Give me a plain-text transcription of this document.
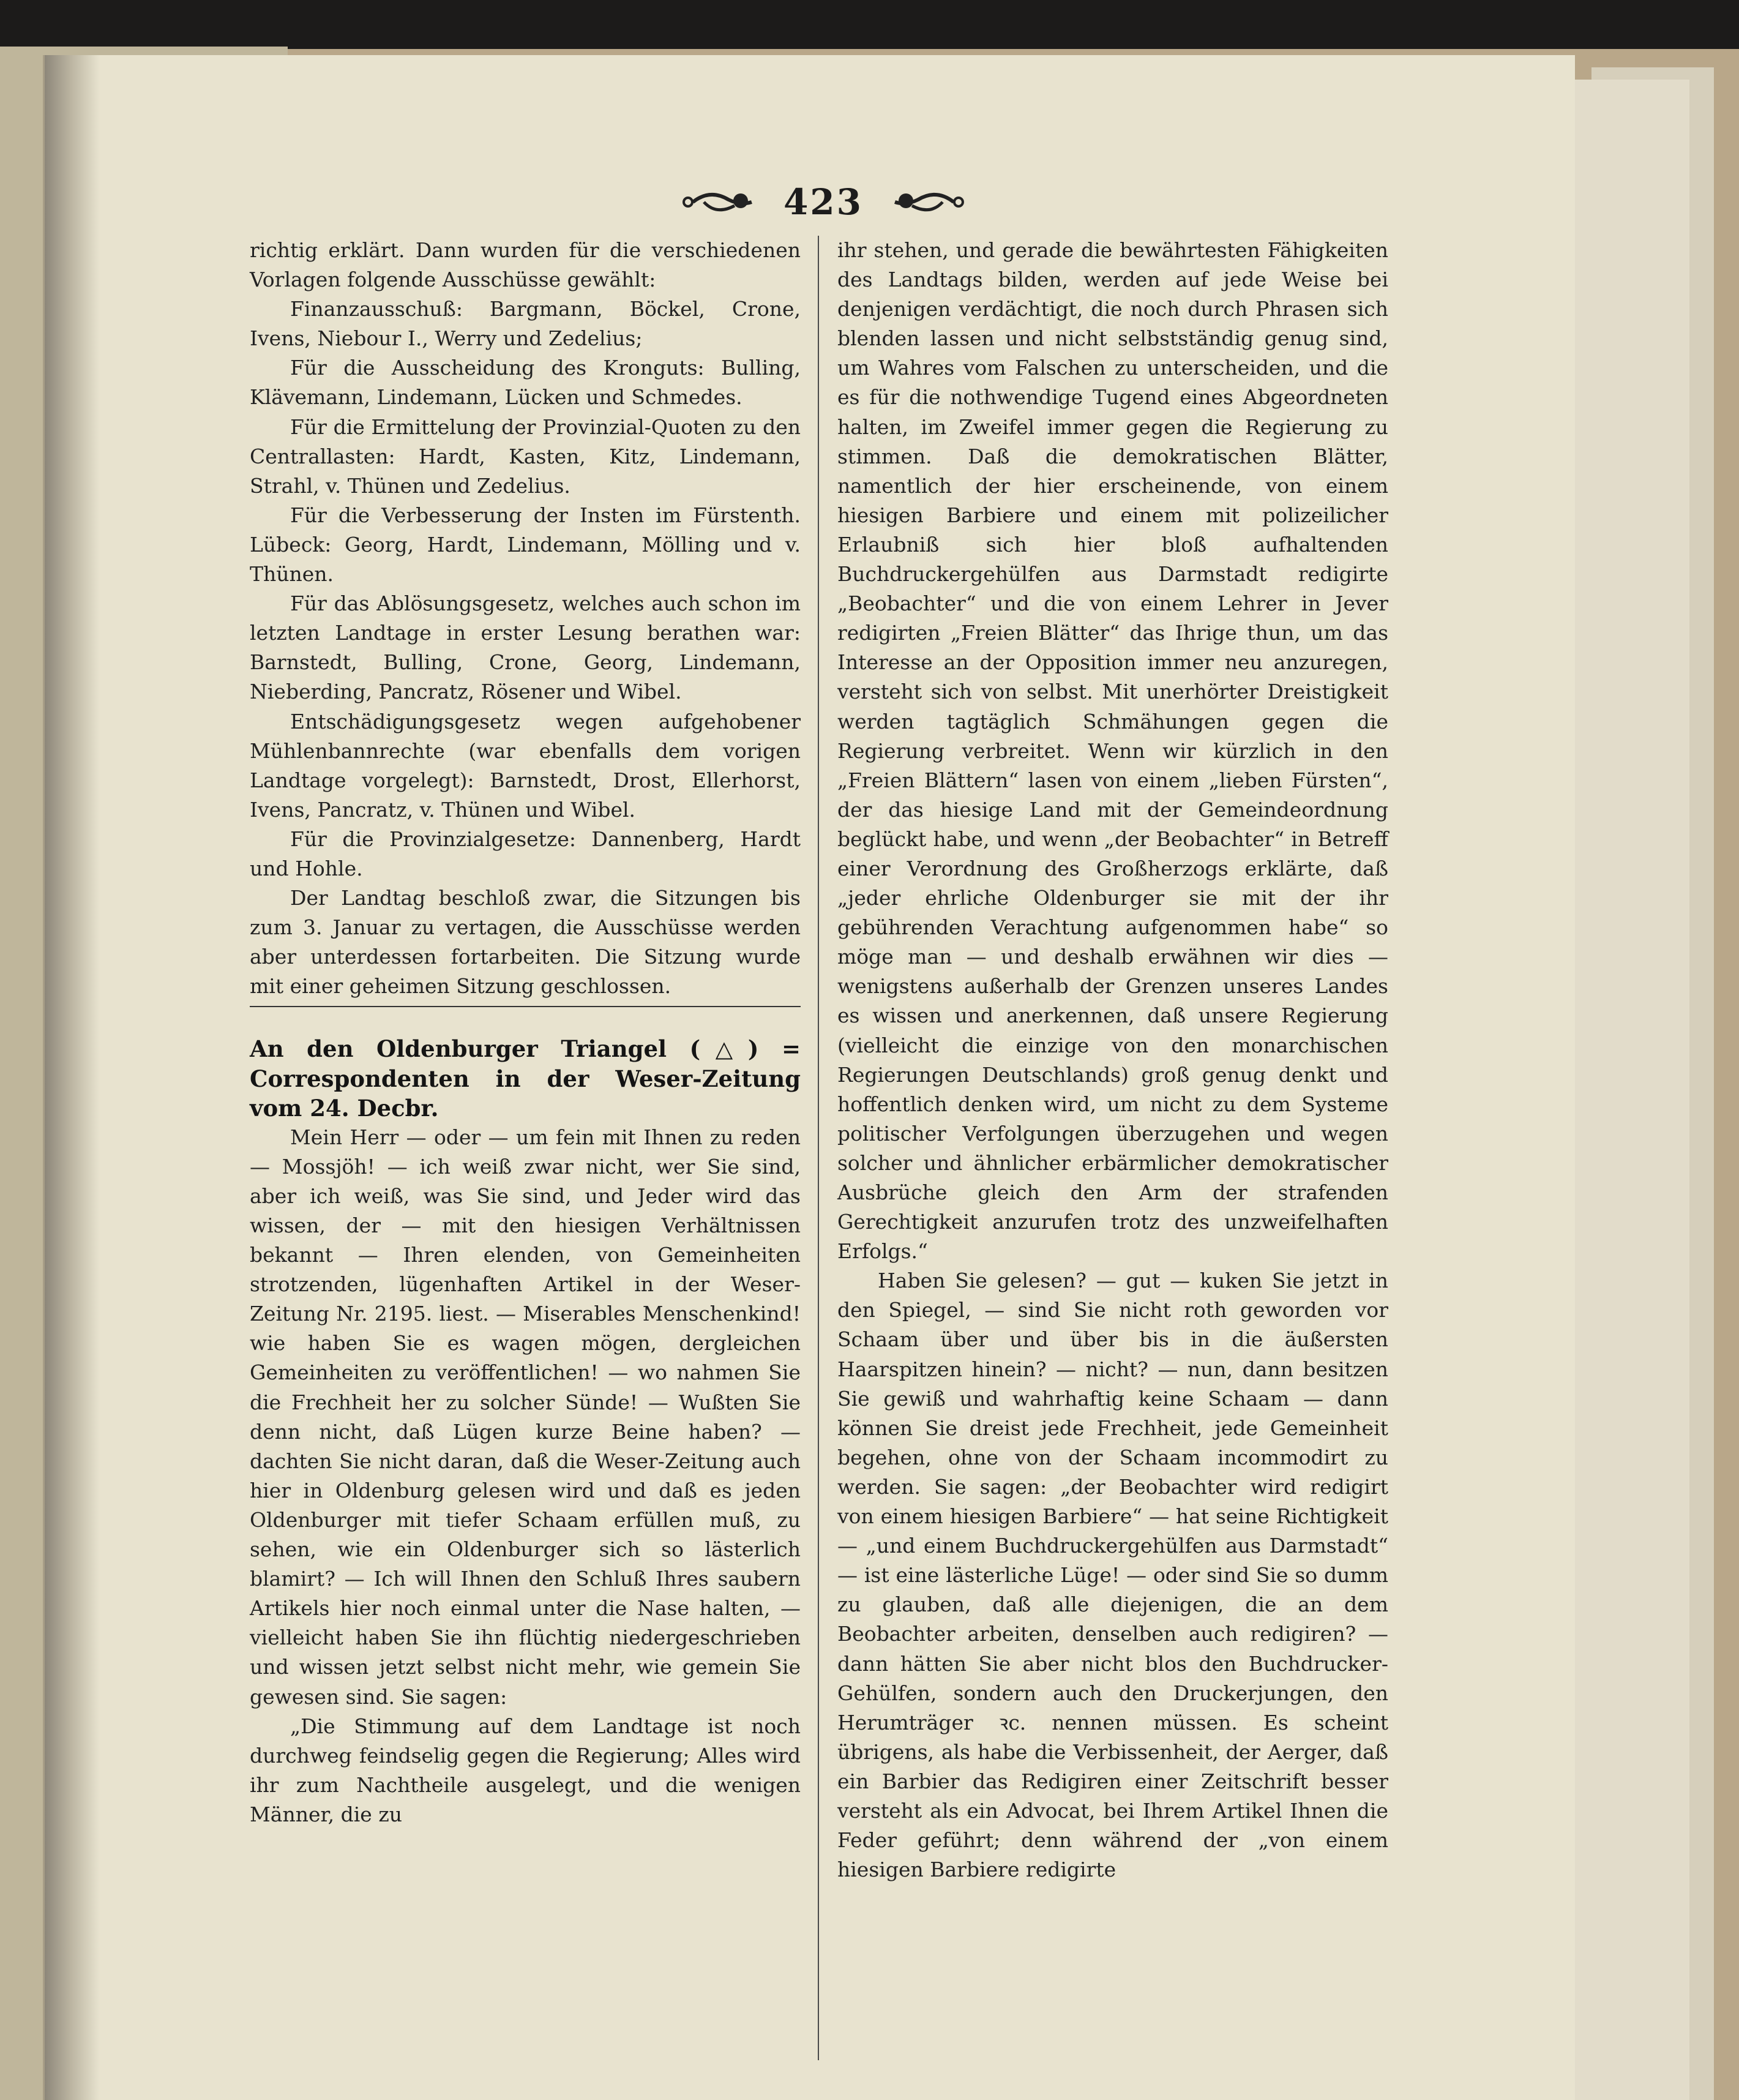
423

richtig erklärt. Dann wurden für die verschiedenen Vorlagen folgende Ausschüsse gewählt:

Finanzausschuß: Bargmann, Böckel, Crone, Ivens, Niebour I., Werry und Zedelius;

Für die Ausscheidung des Kronguts: Bulling, Klävemann, Lindemann, Lücken und Schmedes.

Für die Ermittelung der Provinzial-Quoten zu den Centrallasten: Hardt, Kasten, Kitz, Lindemann, Strahl, v. Thünen und Zedelius.

Für die Verbesserung der Insten im Fürstenth. Lübeck: Georg, Hardt, Lindemann, Mölling und v. Thünen.

Für das Ablösungsgesetz, welches auch schon im letzten Landtage in erster Lesung berathen war: Barnstedt, Bulling, Crone, Georg, Lindemann, Nieberding, Pancratz, Rösener und Wibel.

Entschädigungsgesetz wegen aufgehobener Mühlenbannrechte (war ebenfalls dem vorigen Landtage vorgelegt): Barnstedt, Drost, Ellerhorst, Ivens, Pancratz, v. Thünen und Wibel.

Für die Provinzialgesetze: Dannenberg, Hardt und Hohle.

Der Landtag beschloß zwar, die Sitzungen bis zum 3. Januar zu vertagen, die Ausschüsse werden aber unterdessen fortarbeiten. Die Sitzung wurde mit einer geheimen Sitzung geschlossen.

An den Oldenburger Triangel (△) = Correspondenten in der Weser-Zeitung vom 24. Decbr.

Mein Herr — oder — um fein mit Ihnen zu reden — Mossjöh! — ich weiß zwar nicht, wer Sie sind, aber ich weiß, was Sie sind, und Jeder wird das wissen, der — mit den hiesigen Verhältnissen bekannt — Ihren elenden, von Gemeinheiten strotzenden, lügenhaften Artikel in der Weser-Zeitung Nr. 2195. liest. — Miserables Menschenkind! wie haben Sie es wagen mögen, dergleichen Gemeinheiten zu veröffentlichen! — wo nahmen Sie die Frechheit her zu solcher Sünde! — Wußten Sie denn nicht, daß Lügen kurze Beine haben? — dachten Sie nicht daran, daß die Weser-Zeitung auch hier in Oldenburg gelesen wird und daß es jeden Oldenburger mit tiefer Schaam erfüllen muß, zu sehen, wie ein Oldenburger sich so lästerlich blamirt? — Ich will Ihnen den Schluß Ihres saubern Artikels hier noch einmal unter die Nase halten, — vielleicht haben Sie ihn flüchtig niedergeschrieben und wissen jetzt selbst nicht mehr, wie gemein Sie gewesen sind. Sie sagen:

„Die Stimmung auf dem Landtage ist noch durchweg feindselig gegen die Regierung; Alles wird ihr zum Nachtheile ausgelegt, und die wenigen Männer, die zu

ihr stehen, und gerade die bewährtesten Fähigkeiten des Landtags bilden, werden auf jede Weise bei denjenigen verdächtigt, die noch durch Phrasen sich blenden lassen und nicht selbstständig genug sind, um Wahres vom Falschen zu unterscheiden, und die es für die nothwendige Tugend eines Abgeordneten halten, im Zweifel immer gegen die Regierung zu stimmen. Daß die demokratischen Blätter, namentlich der hier erscheinende, von einem hiesigen Barbiere und einem mit polizeilicher Erlaubniß sich hier bloß aufhaltenden Buchdruckergehülfen aus Darmstadt redigirte „Beobachter“ und die von einem Lehrer in Jever redigirten „Freien Blätter“ das Ihrige thun, um das Interesse an der Opposition immer neu anzuregen, versteht sich von selbst. Mit unerhörter Dreistigkeit werden tagtäglich Schmähungen gegen die Regierung verbreitet. Wenn wir kürzlich in den „Freien Blättern“ lasen von einem „lieben Fürsten“, der das hiesige Land mit der Gemeindeordnung beglückt habe, und wenn „der Beobachter“ in Betreff einer Verordnung des Großherzogs erklärte, daß „jeder ehrliche Oldenburger sie mit der ihr gebührenden Verachtung aufgenommen habe“ so möge man — und deshalb erwähnen wir dies — wenigstens außerhalb der Grenzen unseres Landes es wissen und anerkennen, daß unsere Regierung (vielleicht die einzige von den monarchischen Regierungen Deutschlands) groß genug denkt und hoffentlich denken wird, um nicht zu dem Systeme politischer Verfolgungen überzugehen und wegen solcher und ähnlicher erbärmlicher demokratischer Ausbrüche gleich den Arm der strafenden Gerechtigkeit anzurufen trotz des unzweifelhaften Erfolgs.“

Haben Sie gelesen? — gut — kuken Sie jetzt in den Spiegel, — sind Sie nicht roth geworden vor Schaam über und über bis in die äußersten Haarspitzen hinein? — nicht? — nun, dann besitzen Sie gewiß und wahrhaftig keine Schaam — dann können Sie dreist jede Frechheit, jede Gemeinheit begehen, ohne von der Schaam incommodirt zu werden. Sie sagen: „der Beobachter wird redigirt von einem hiesigen Barbiere“ — hat seine Richtigkeit — „und einem Buchdruckergehülfen aus Darmstadt“ — ist eine lästerliche Lüge! — oder sind Sie so dumm zu glauben, daß alle diejenigen, die an dem Beobachter arbeiten, denselben auch redigiren? — dann hätten Sie aber nicht blos den Buchdrucker-Gehülfen, sondern auch den Druckerjungen, den Herumträger ꝛc. nennen müssen. Es scheint übrigens, als habe die Verbissenheit, der Aerger, daß ein Barbier das Redigiren einer Zeitschrift besser versteht als ein Advocat, bei Ihrem Artikel Ihnen die Feder geführt; denn während der „von einem hiesigen Barbiere redigirte
